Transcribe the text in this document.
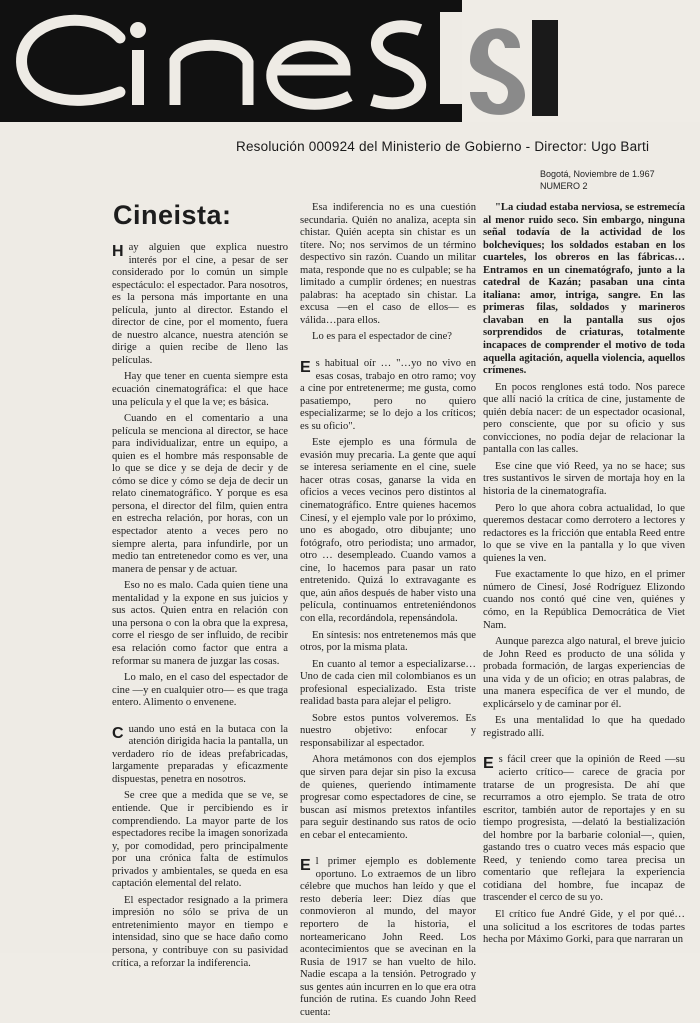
Resolución 000924 del Ministerio de Gobierno - Director: Ugo Barti
Bogotá, Noviembre de 1.967
NUMERO 2
Cineista:

Hay alguien que explica nuestro interés por el cine, a pesar de ser considerado por lo común un simple espectáculo: el espectador. Para nosotros, es la persona más importante en una película, junto al director. Estando el director de cine, por el momento, fuera de nuestro alcance, nuestra atención se dirige a quien recibe de lleno las películas.

Hay que tener en cuenta siempre esta ecuación cinematográfica: el que hace una película y el que la ve; es básica.

Cuando en el comentario a una película se menciona al director, se hace para individualizar, entre un equipo, a quien es el hombre más responsable de lo que se dice y se deja de decir y de cómo se dice y cómo se deja de decir un relato cinematográfico. Y porque es esa persona, el director del film, quien entra en estrecha relación, por horas, con un espectador atento a veces pero no siempre alerta, para infundirle, por un medio tan entretenedor como es ver, una manera de pensar y de actuar.

Eso no es malo. Cada quien tiene una mentalidad y la expone en sus juicios y sus actos. Quien entra en relación con una persona o con la obra que la expresa, corre el riesgo de ser influido, de recibir esa relación como factor que entra a reformar su manera de juzgar las cosas.

Lo malo, en el caso del espectador de cine —y en cualquier otro— es que traga entero. Alimento o envenene.

Cuando uno está en la butaca con la atención dirigida hacia la pantalla, un verdadero río de ideas prefabricadas, largamente preparadas y eficazmente dispuestas, penetra en nosotros.

Se cree que a medida que se ve, se entiende. Que ir percibiendo es ir comprendiendo. La mayor parte de los espectadores recibe la imagen sonorizada y, por comodidad, pero principalmente por una crónica falta de estímulos privados y ambientales, se queda en esa captación elemental del relato.

El espectador resignado a la primera impresión no sólo se priva de un entretenimiento mayor en tiempo e intensidad, sino que se hace daño como persona, y contribuye con su pasividad crítica, a reforzar la indiferencia.

Esa indiferencia no es una cuestión secundaria. Quién no analiza, acepta sin chistar. Quién acepta sin chistar es un títere. No; nos servimos de un término despectivo sin razón. Cuando un militar mata, responde que no es culpable; se ha limitado a cumplir órdenes; en nuestras palabras: ha aceptado sin chistar. La excusa —en el caso de ellos— es válida…para ellos.

Lo es para el espectador de cine?

Es habitual oír … "…yo no vivo en esas cosas, trabajo en otro ramo; voy a cine por entretenerme; me gusta, como pasatiempo, pero no quiero especializarme; se lo dejo a los críticos; es su oficio".

Este ejemplo es una fórmula de evasión muy precaria. La gente que aquí se interesa seriamente en el cine, suele hacer otras cosas, ganarse la vida en oficios a veces vecinos pero distintos al cinematográfico. Entre quienes hacemos Cinesí, y el ejemplo vale por lo próximo, uno es abogado, otro dibujante; uno fotógrafo, otro periodista; uno armador, otro … desempleado. Cuando vamos a cine, lo hacemos para pasar un rato entretenido. Quizá lo extravagante es que, aún años después de haber visto una película, continuamos entreteniéndonos con ella, recordándola, repensándola.

En síntesis: nos entretenemos más que otros, por la misma plata.

En cuanto al temor a especializarse… Uno de cada cien mil colombianos es un profesional especializado. Esta triste realidad basta para alejar el peligro.

Sobre estos puntos volveremos. Es nuestro objetivo: enfocar y responsabilizar al espectador.

Ahora metámonos con dos ejemplos que sirven para dejar sin piso la excusa de quienes, queriendo íntimamente progresar como espectadores de cine, se buscan así mismos pretextos infantiles para seguir destinando sus ratos de ocio en cebar el entecamiento.

El primer ejemplo es doblemente oportuno. Lo extraemos de un libro célebre que muchos han leído y que el resto debería leer: Diez días que conmovieron al mundo, del mayor reportero de la historia, el norteamericano John Reed. Los acontecimientos que se avecinan en la Rusia de 1917 se han vuelto de hilo. Nadie escapa a la tensión. Petrogrado y sus gentes aún incurren en lo que era otra función de rutina. Es cuando John Reed cuenta:

"La ciudad estaba nerviosa, se estremecía al menor ruido seco. Sin embargo, ninguna señal todavía de la actividad de los bolcheviques; los soldados estaban en los cuarteles, los obreros en las fábricas… Entramos en un cinematógrafo, junto a la catedral de Kazán; pasaban una cinta italiana: amor, intriga, sangre. En las primeras filas, soldados y marineros clavaban en la pantalla sus ojos sorprendidos de criaturas, totalmente incapaces de comprender el motivo de toda aquella agitación, aquella violencia, aquellos crímenes.

En pocos renglones está todo. Nos parece que allí nació la crítica de cine, justamente de quién debía nacer: de un espectador ocasional, pero consciente, que por su oficio y sus convicciones, no podía dejar de relacionar la pantalla con las calles.

Ese cine que vió Reed, ya no se hace; sus tres sustantivos le sirven de mortaja hoy en la historia de la cinematografía.

Pero lo que ahora cobra actualidad, lo que queremos destacar como derrotero a lectores y redactores es la fricción que entabla Reed entre lo que se vive en la pantalla y lo que viven quienes la ven.

Fue exactamente lo que hizo, en el primer número de Cinesí, José Rodríguez Elizondo cuando nos contó qué cine ven, quiénes y cómo, en la República Democrática de Viet Nam.

Aunque parezca algo natural, el breve juicio de John Reed es producto de una sólida y probada formación, de largas experiencias de una vida y de un oficio; en otras palabras, de una manera específica de ver el mundo, de explicárselo y de caminar por él.

Es una mentalidad lo que ha quedado registrado allí.

Es fácil creer que la opinión de Reed —su acierto crítico— carece de gracia por tratarse de un progresista. De ahí que recurramos a otro ejemplo. Se trata de otro escritor, también autor de reportajes y en su tiempo progresista, —delató la bestialización del hombre por la barbarie colonial—, quien, gastando tres o cuatro veces más espacio que Reed, y teniendo como tarea precisa un comentario que reflejara la experiencia cotidiana del hombre, fue incapaz de trascender el cerco de su yo.

El crítico fue André Gide, y el por qué… una solicitud a los escritores de todas partes hecha por Máximo Gorki, para que narraran un
